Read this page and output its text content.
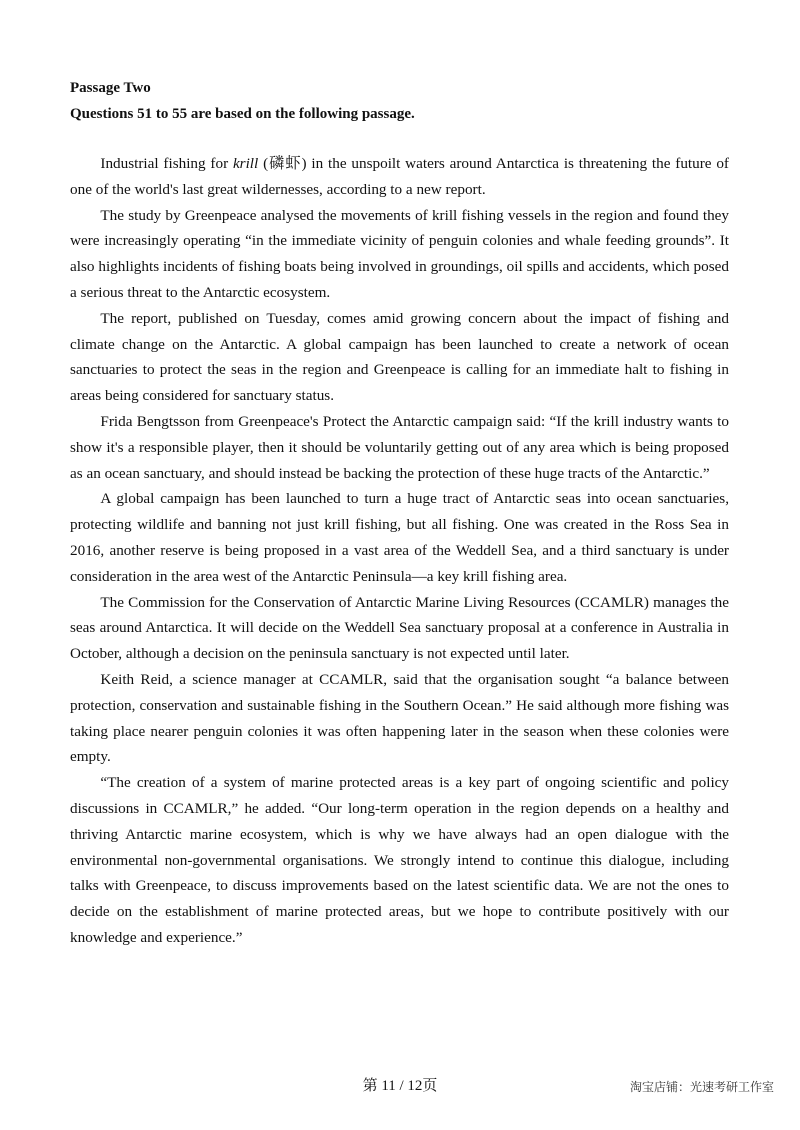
Passage Two

Questions 51 to 55 are based on the following passage.

Industrial fishing for krill (磷虾) in the unspoilt waters around Antarctica is threatening the future of one of the world's last great wildernesses, according to a new report.

The study by Greenpeace analysed the movements of krill fishing vessels in the region and found they were increasingly operating “in the immediate vicinity of penguin colonies and whale feeding grounds”. It also highlights incidents of fishing boats being involved in groundings, oil spills and accidents, which posed a serious threat to the Antarctic ecosystem.

The report, published on Tuesday, comes amid growing concern about the impact of fishing and climate change on the Antarctic. A global campaign has been launched to create a network of ocean sanctuaries to protect the seas in the region and Greenpeace is calling for an immediate halt to fishing in areas being considered for sanctuary status.

Frida Bengtsson from Greenpeace's Protect the Antarctic campaign said: “If the krill industry wants to show it's a responsible player, then it should be voluntarily getting out of any area which is being proposed as an ocean sanctuary, and should instead be backing the protection of these huge tracts of the Antarctic.”

A global campaign has been launched to turn a huge tract of Antarctic seas into ocean sanctuaries, protecting wildlife and banning not just krill fishing, but all fishing. One was created in the Ross Sea in 2016, another reserve is being proposed in a vast area of the Weddell Sea, and a third sanctuary is under consideration in the area west of the Antarctic Peninsula—a key krill fishing area.

The Commission for the Conservation of Antarctic Marine Living Resources (CCAMLR) manages the seas around Antarctica. It will decide on the Weddell Sea sanctuary proposal at a conference in Australia in October, although a decision on the peninsula sanctuary is not expected until later.

Keith Reid, a science manager at CCAMLR, said that the organisation sought “a balance between protection, conservation and sustainable fishing in the Southern Ocean.” He said although more fishing was taking place nearer penguin colonies it was often happening later in the season when these colonies were empty.

“The creation of a system of marine protected areas is a key part of ongoing scientific and policy discussions in CCAMLR,” he added. “Our long-term operation in the region depends on a healthy and thriving Antarctic marine ecosystem, which is why we have always had an open dialogue with the environmental non-governmental organisations. We strongly intend to continue this dialogue, including talks with Greenpeace, to discuss improvements based on the latest scientific data. We are not the ones to decide on the establishment of marine protected areas, but we hope to contribute positively with our knowledge and experience.”

第 11 / 12页	淘宝店铺：光速考研工作室
